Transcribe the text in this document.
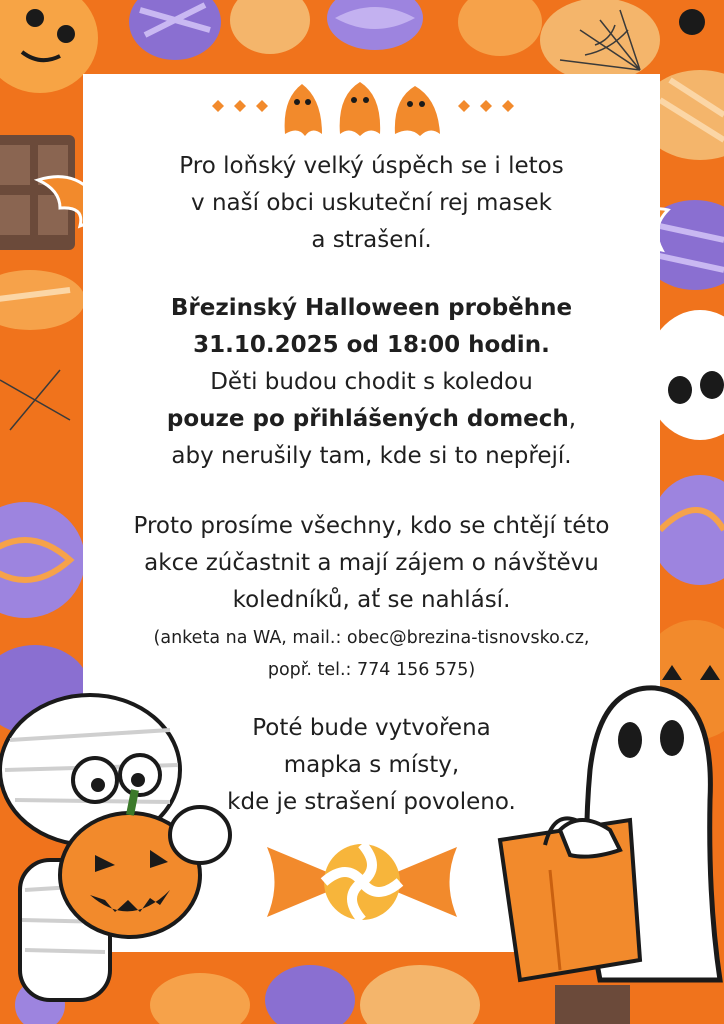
Pro loňský velký úspěch se i letos
v naší obci uskuteční rej masek
a strašení.
Březinský Halloween proběhne
31.10.2025 od 18:00 hodin.
Děti budou chodit s koledou
pouze po přihlášených domech,
aby nerušily tam, kde si to nepřejí.
Proto prosíme všechny, kdo se chtějí této
akce zúčastnit a mají zájem o návštěvu
koledníků, ať se nahlásí.
(anketa na WA, mail.: obec@brezina-tisnovsko.cz,
popř. tel.: 774 156 575)
Poté bude vytvořena
mapka s místy,
kde je strašení povoleno.
